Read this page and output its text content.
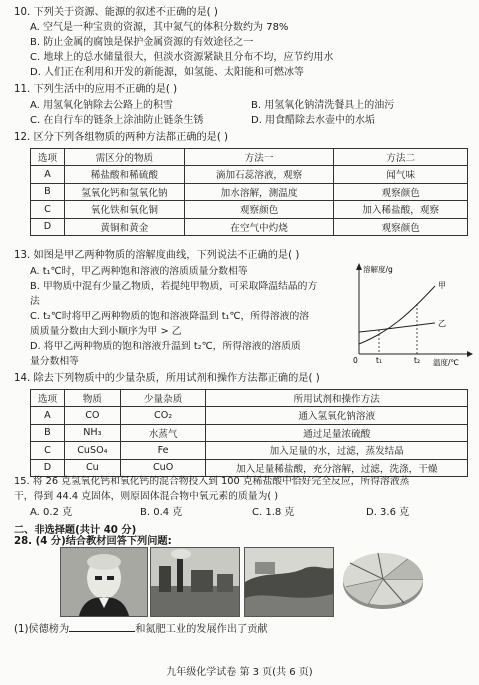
10. 下列关于资源、能源的叙述不正确的是( )
A. 空气是一种宝贵的资源，其中氮气的体积分数约为 78%
B. 防止金属的腐蚀是保护金属资源的有效途径之一
C. 地球上的总水储量很大，但淡水资源紧缺且分布不均，应节约用水
D. 人们正在利用和开发的新能源，如氢能、太阳能和可燃冰等
11. 下列生活中的应用不正确的是( )
A. 用氢氧化钠除去公路上的积雪	B. 用氢氧化钠清洗餐具上的油污
C. 在自行车的链条上涂油防止链条生锈	D. 用食醋除去水壶中的水垢
12. 区分下列各组物质的两种方法都正确的是( )
选项	需区分的物质	方法一	方法二
A	稀盐酸和稀硫酸	滴加石蕊溶液，观察	闻气味
B	氢氧化钙和氢氧化钠	加水溶解，测温度	观察颜色
C	氧化铁和氧化铜	观察颜色	加入稀盐酸，观察
D	黄铜和黄金	在空气中灼烧	观察颜色
13. 如图是甲乙两种物质的溶解度曲线，下列说法不正确的是( )
A. t₁℃时，甲乙两种饱和溶液的溶质质量分数相等
B. 甲物质中混有少量乙物质，若提纯甲物质，可采取降温结晶的方
法
C. t₂℃时将甲乙两种物质的饱和溶液降温到 t₁℃，所得溶液的溶
质质量分数由大到小顺序为甲 > 乙
D. 将甲乙两种物质的饱和溶液升温到 t₂℃，所得溶液的溶质质
量分数相等
溶解度/g
温度/℃
0
甲
乙
t₁	t₂
14. 除去下列物质中的少量杂质，所用试剂和操作方法都正确的是( )
选项	物质	少量杂质	所用试剂和操作方法
A	CO	CO₂	通入氢氧化钠溶液
B	NH₃	水蒸气	通过足量浓硫酸
C	CuSO₄	Fe	加入足量的水，过滤，蒸发结晶
D	Cu	CuO	加入足量稀盐酸，充分溶解，过滤，洗涤，干燥
15. 将 26 克氢氧化钙和氧化钙的混合物投入到 100 克稀盐酸中恰好完全反应，所得溶液蒸
干，得到 44.4 克固体，则原固体混合物中氧元素的质量为( )
A. 0.2 克	B. 0.4 克	C. 1.8 克	D. 3.6 克
二、非选择题(共计 40 分)
28. (4 分)结合教材回答下列问题:
(1)侯德榜为	和氮肥工业的发展作出了贡献
九年级化学试卷 第 3 页(共 6 页)
